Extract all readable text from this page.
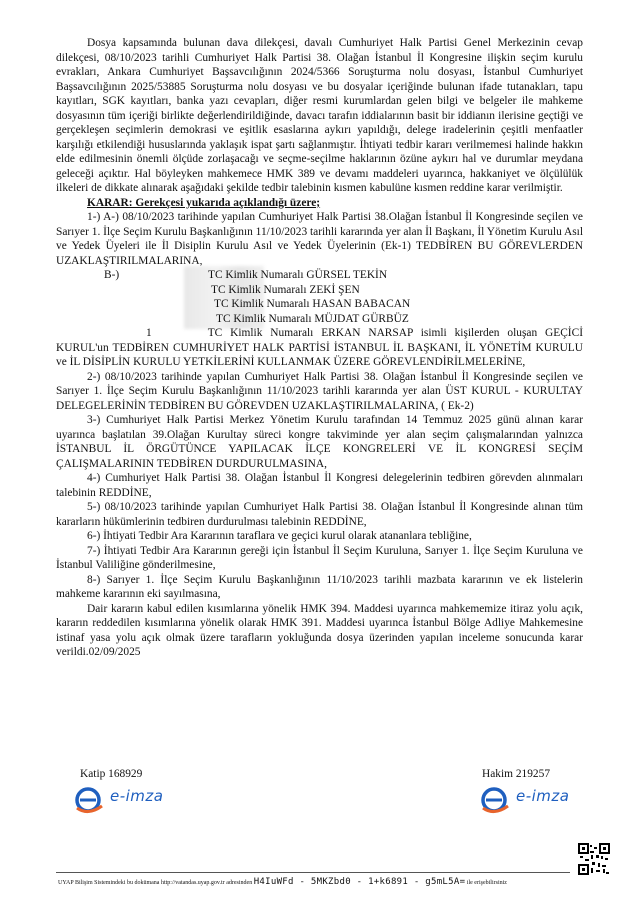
Dosya kapsamında bulunan dava dilekçesi, davalı Cumhuriyet Halk Partisi Genel Merkezinin cevap dilekçesi, 08/10/2023 tarihli Cumhuriyet Halk Partisi 38. Olağan İstanbul İl Kongresine ilişkin seçim kurulu evrakları, Ankara Cumhuriyet Başsavcılığının 2024/5366 Soruşturma nolu dosyası, İstanbul Cumhuriyet Başsavcılığının 2025/53885 Soruşturma nolu dosyası ve bu dosyalar içeriğinde bulunan ifade tutanakları, tapu kayıtları, SGK kayıtları, banka yazı cevapları, diğer resmi kurumlardan gelen bilgi ve belgeler ile mahkeme dosyasının tüm içeriği birlikte değerlendirildiğinde, davacı tarafın iddialarının basit bir iddianın ilerisine geçtiği ve gerçekleşen seçimlerin demokrasi ve eşitlik esaslarına aykırı yapıldığı, delege iradelerinin çeşitli menfaatler karşılığı etkilendiği hususlarında yaklaşık ispat şartı sağlanmıştır. İhtiyati tedbir kararı verilmemesi halinde hakkın elde edilmesinin önemli ölçüde zorlaşacağı ve seçme-seçilme haklarının özüne aykırı hal ve durumlar meydana geleceği açıktır. Hal böyleyken mahkemece HMK 389 ve devamı maddeleri uyarınca, hakkaniyet ve ölçülülük ilkeleri de dikkate alınarak aşağıdaki şekilde tedbir talebinin kısmen kabulüne kısmen reddine karar verilmiştir.

KARAR: Gerekçesi yukarıda açıklandığı üzere;

1-) A-) 08/10/2023 tarihinde yapılan Cumhuriyet Halk Partisi 38.Olağan İstanbul İl Kongresinde seçilen ve Sarıyer 1. İlçe Seçim Kurulu Başkanlığının 11/10/2023 tarihli kararında yer alan İl Başkanı, İl Yönetim Kurulu Asıl ve Yedek Üyeleri ile İl Disiplin Kurulu Asıl ve Yedek Üyelerinin (Ek-1) TEDBİREN BU GÖREVLERDEN UZAKLAŞTIRILMALARINA,

B-)	TC Kimlik Numaralı GÜRSEL TEKİN

TC Kimlik Numaralı ZEKİ ŞEN

TC Kimlik Numaralı HASAN BABACAN

TC Kimlik Numaralı MÜJDAT GÜRBÜZ

1	TC Kimlik Numaralı ERKAN NARSAP isimli kişilerden oluşan GEÇİCİ KURUL'un TEDBİREN CUMHURİYET HALK PARTİSİ İSTANBUL İL BAŞKANI, İL YÖNETİM KURULU ve İL DİSİPLİN KURULU YETKİLERİNİ KULLANMAK ÜZERE GÖREVLENDİRİLMELERİNE,

2-) 08/10/2023 tarihinde yapılan Cumhuriyet Halk Partisi 38. Olağan İstanbul İl Kongresinde seçilen ve Sarıyer 1. İlçe Seçim Kurulu Başkanlığının 11/10/2023 tarihli kararında yer alan ÜST KURUL - KURULTAY DELEGELERİNİN TEDBİREN BU GÖREVDEN UZAKLAŞTIRILMALARINA, ( Ek-2)

3-) Cumhuriyet Halk Partisi Merkez Yönetim Kurulu tarafından 14 Temmuz 2025 günü alınan karar uyarınca başlatılan 39.Olağan Kurultay süreci kongre takviminde yer alan seçim çalışmalarından yalnızca İSTANBUL İL ÖRGÜTÜNCE YAPILACAK İLÇE KONGRELERİ VE İL KONGRESİ SEÇİM ÇALIŞMALARININ TEDBİREN DURDURULMASINA,

4-) Cumhuriyet Halk Partisi 38. Olağan İstanbul İl Kongresi delegelerinin tedbiren görevden alınmaları talebinin REDDİNE,

5-) 08/10/2023 tarihinde yapılan Cumhuriyet Halk Partisi 38. Olağan İstanbul İl Kongresinde alınan tüm kararların hükümlerinin tedbiren durdurulması talebinin REDDİNE,

6-) İhtiyati Tedbir Ara Kararının taraflara ve geçici kurul olarak atananlara tebliğine,

7-) İhtiyati Tedbir Ara Kararının gereği için İstanbul İl Seçim Kuruluna, Sarıyer 1. İlçe Seçim Kuruluna ve İstanbul Valiliğine gönderilmesine,

8-) Sarıyer 1. İlçe Seçim Kurulu Başkanlığının 11/10/2023 tarihli mazbata kararının ve ek listelerin mahkeme kararının eki sayılmasına,

Dair kararın kabul edilen kısımlarına yönelik HMK 394. Maddesi uyarınca mahkememize itiraz yolu açık, kararın reddedilen kısımlarına yönelik olarak HMK 391. Maddesi uyarınca İstanbul Bölge Adliye Mahkemesine istinaf yasa yolu açık olmak üzere tarafların yokluğunda dosya üzerinden yapılan inceleme sonucunda karar verildi.02/09/2025

Katip 168929	Hakim 219257
e-imza	e-imza
UYAP Bilişim Sistemindeki bu dokümana http://vatandas.uyap.gov.tr adresinden H4IuWFd - 5MKZbd0 - 1+k6891 - g5mL5A= ile erişebilirsiniz
